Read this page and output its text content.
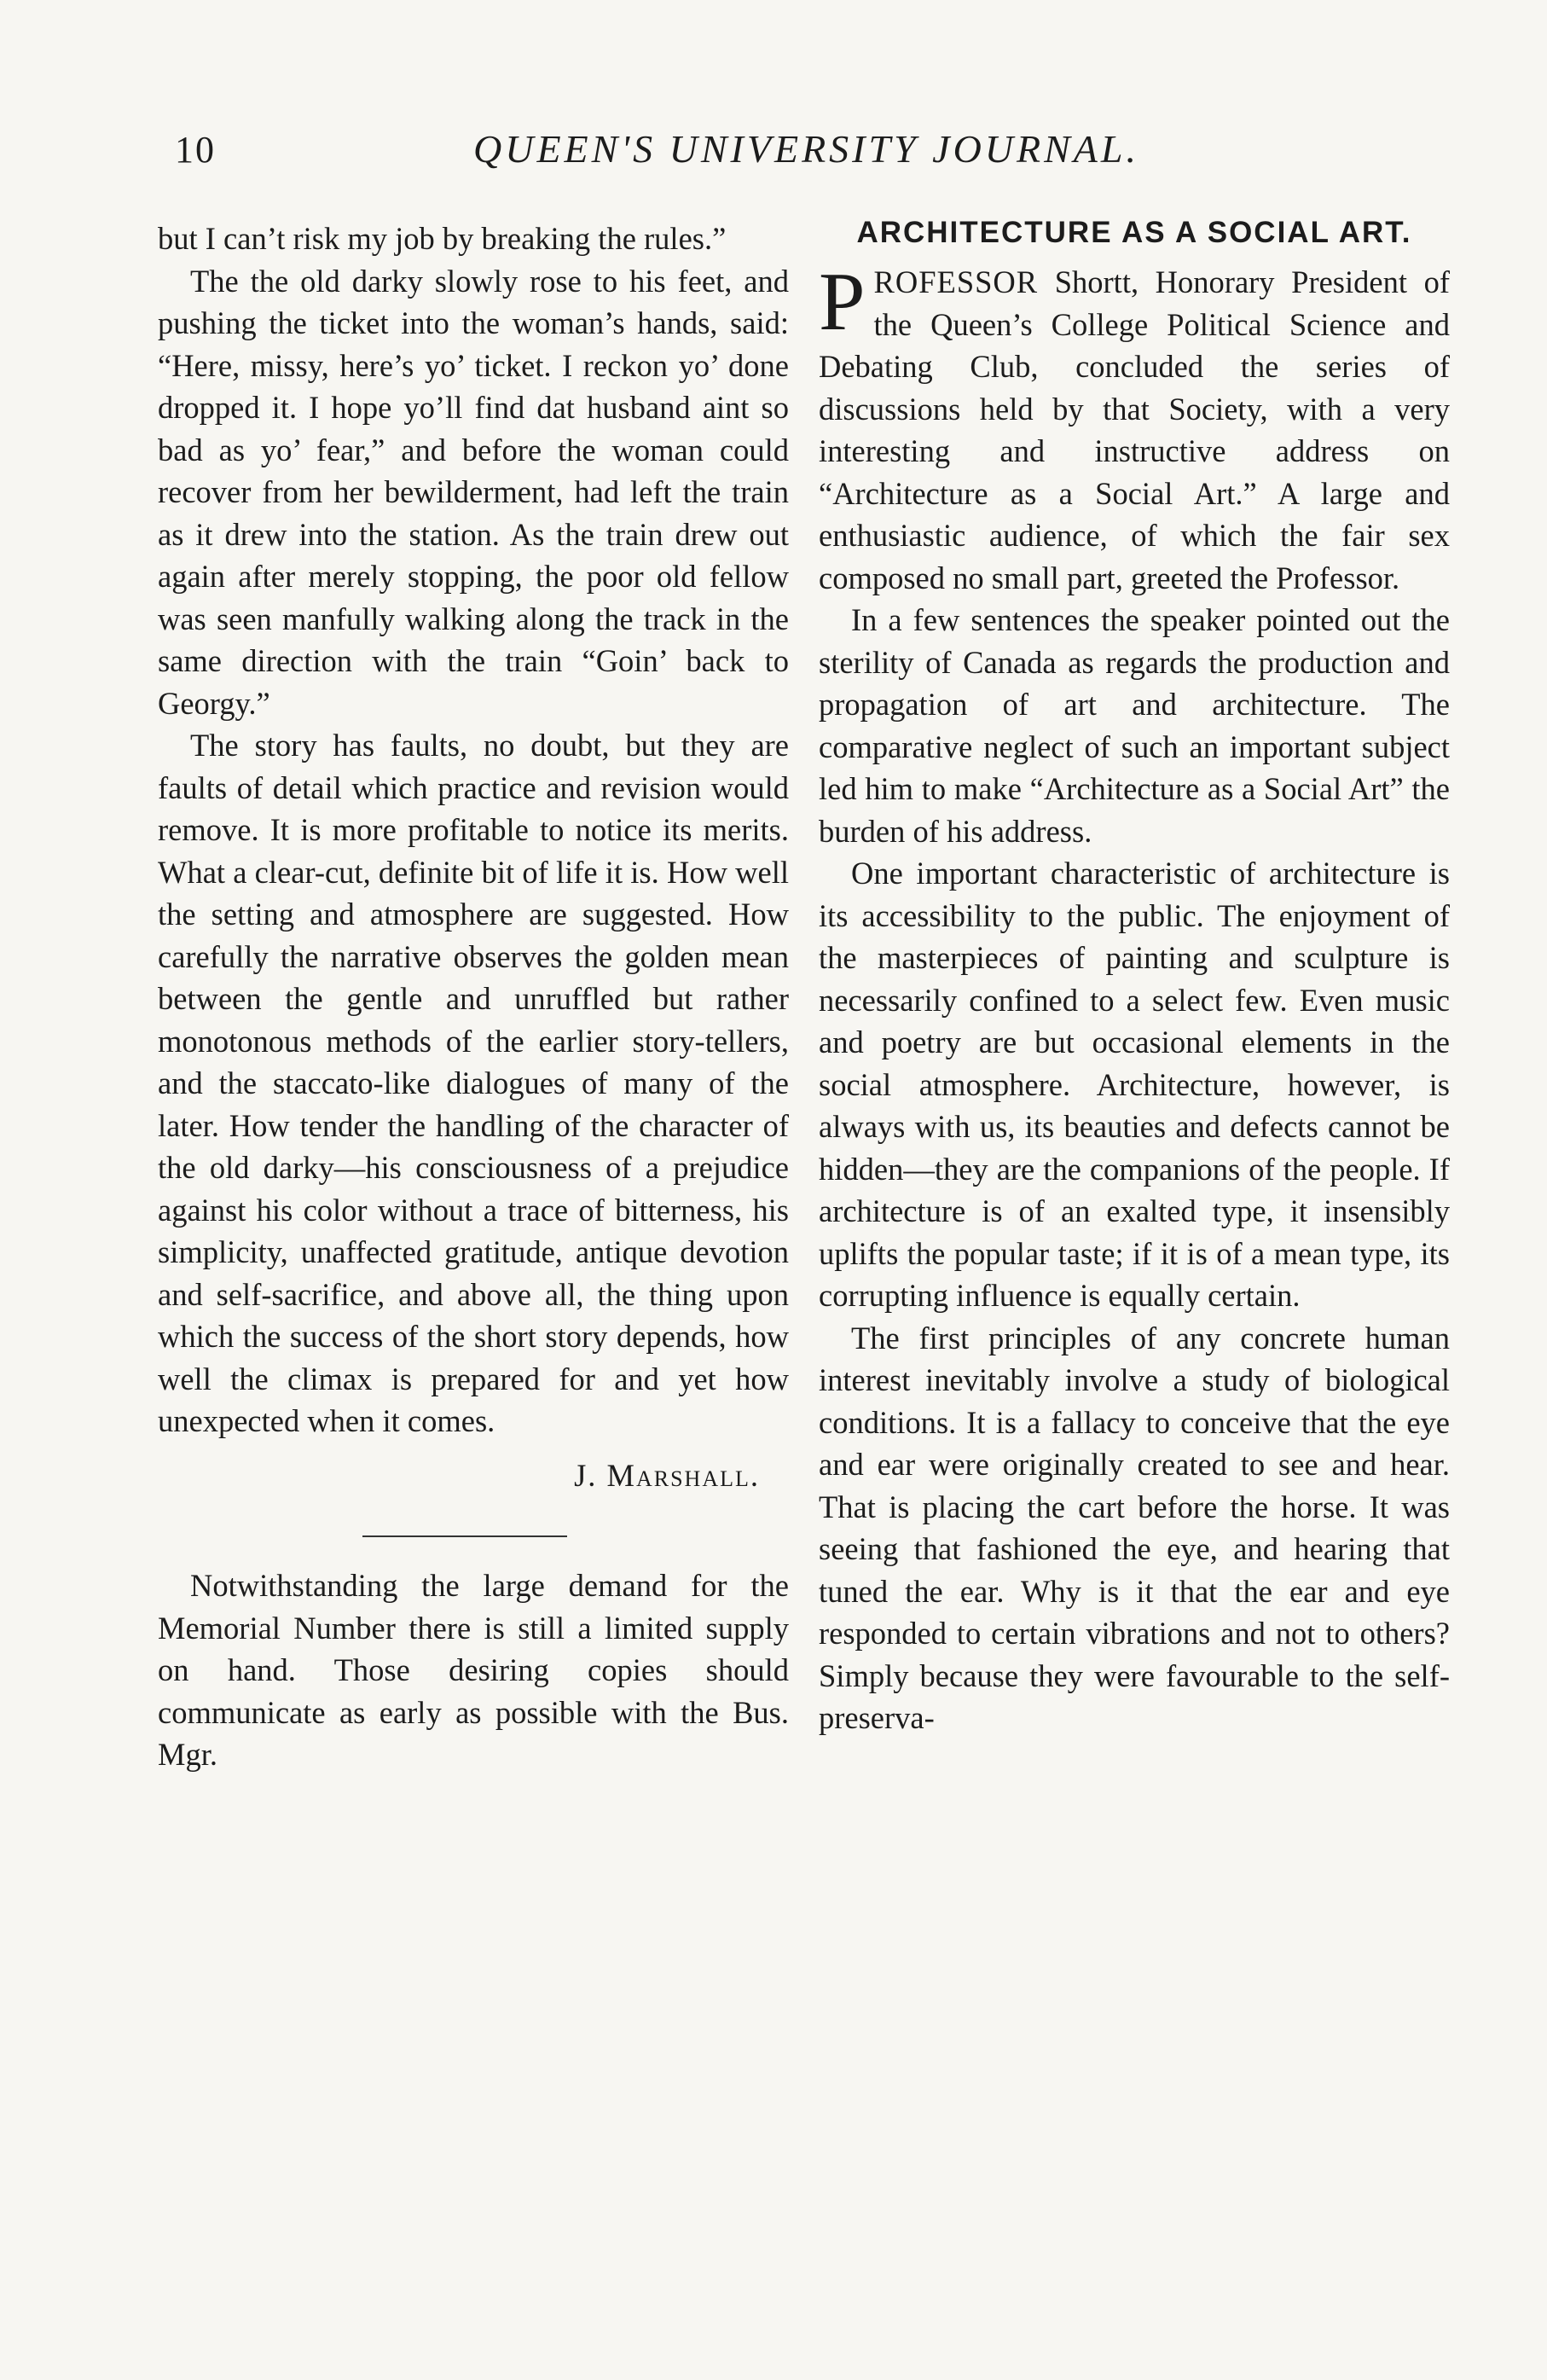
10	QUEEN'S UNIVERSITY JOURNAL.

but I can’t risk my job by breaking the rules.”

The the old darky slowly rose to his feet, and pushing the ticket into the woman’s hands, said: “Here, missy, here’s yo’ ticket. I reckon yo’ done dropped it. I hope yo’ll find dat husband aint so bad as yo’ fear,” and before the woman could recover from her bewilderment, had left the train as it drew into the station. As the train drew out again after merely stopping, the poor old fellow was seen manfully walking along the track in the same direction with the train “Goin’ back to Georgy.”

The story has faults, no doubt, but they are faults of detail which practice and revision would remove. It is more profitable to notice its merits. What a clear-cut, definite bit of life it is. How well the setting and atmosphere are suggested. How carefully the narrative observes the golden mean between the gentle and unruffled but rather monotonous methods of the earlier story-tellers, and the staccato-like dialogues of many of the later. How tender the handling of the character of the old darky—his consciousness of a prejudice against his color without a trace of bitterness, his simplicity, unaffected gratitude, antique devotion and self-sacrifice, and above all, the thing upon which the success of the short story depends, how well the climax is prepared for and yet how unexpected when it comes.

J. Marshall.

Notwithstanding the large demand for the Memorial Number there is still a limited supply on hand. Those desiring copies should communicate as early as possible with the Bus. Mgr.

ARCHITECTURE AS A SOCIAL ART.

PROFESSOR Shortt, Honorary President of the Queen’s College Political Science and Debating Club, concluded the series of discussions held by that Society, with a very interesting and instructive address on “Architecture as a Social Art.” A large and enthusiastic audience, of which the fair sex composed no small part, greeted the Professor.

In a few sentences the speaker pointed out the sterility of Canada as regards the production and propagation of art and architecture. The comparative neglect of such an important subject led him to make “Architecture as a Social Art” the burden of his address.

One important characteristic of architecture is its accessibility to the public. The enjoyment of the masterpieces of painting and sculpture is necessarily confined to a select few. Even music and poetry are but occasional elements in the social atmosphere. Architecture, however, is always with us, its beauties and defects cannot be hidden—they are the companions of the people. If architecture is of an exalted type, it insensibly uplifts the popular taste; if it is of a mean type, its corrupting influence is equally certain.

The first principles of any concrete human interest inevitably involve a study of biological conditions. It is a fallacy to conceive that the eye and ear were originally created to see and hear. That is placing the cart before the horse. It was seeing that fashioned the eye, and hearing that tuned the ear. Why is it that the ear and eye responded to certain vibrations and not to others? Simply because they were favourable to the self-preserva-
